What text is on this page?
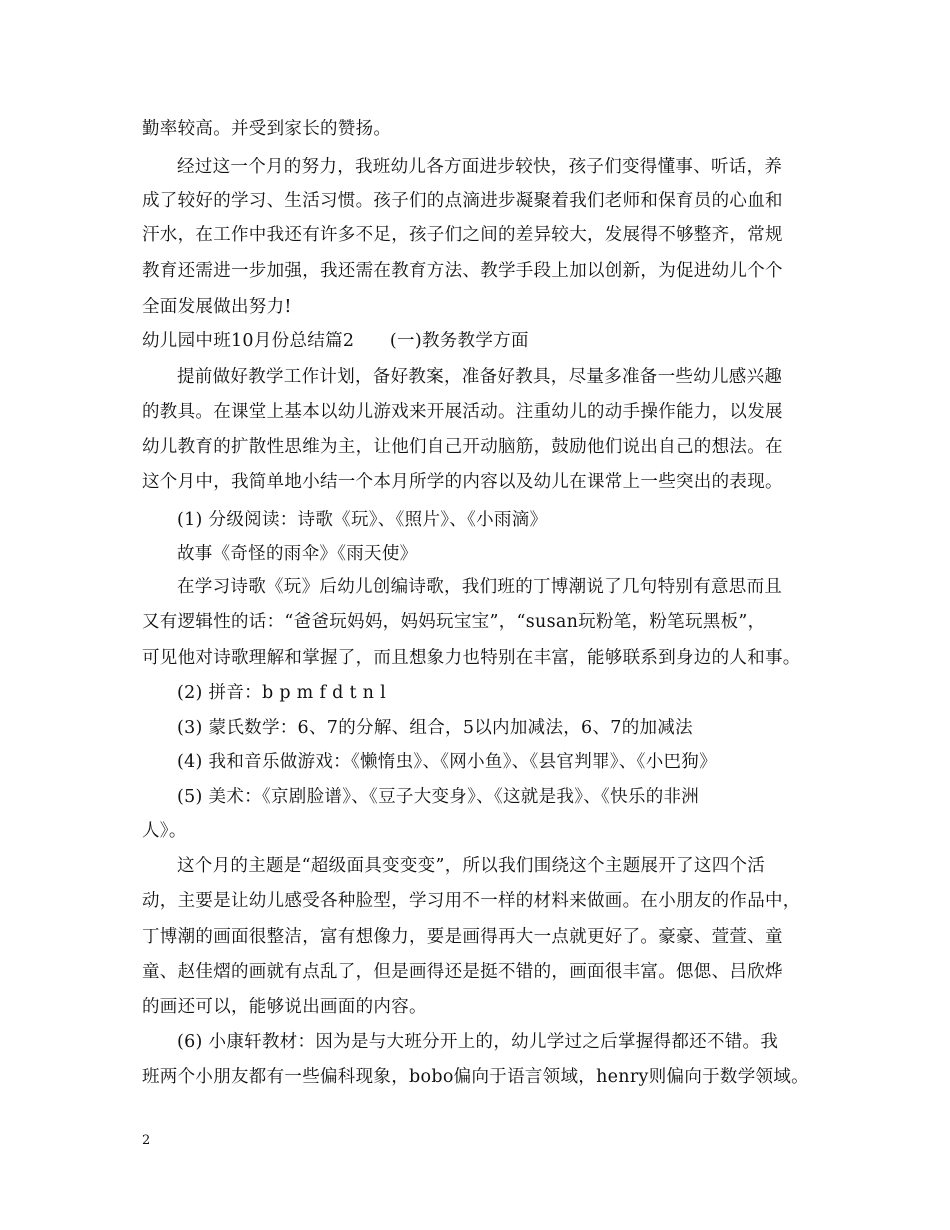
勤率较高。并受到家长的赞扬。
经过这一个月的努力，我班幼儿各方面进步较快，孩子们变得懂事、听话，养
成了较好的学习、生活习惯。孩子们的点滴进步凝聚着我们老师和保育员的心血和
汗水，在工作中我还有许多不足，孩子们之间的差异较大，发展得不够整齐，常规
教育还需进一步加强，我还需在教育方法、教学手段上加以创新，为促进幼儿个个
全面发展做出努力!
幼儿园中班10月份总结篇2　　(一)教务教学方面
提前做好教学工作计划，备好教案，准备好教具，尽量多准备一些幼儿感兴趣
的教具。在课堂上基本以幼儿游戏来开展活动。注重幼儿的动手操作能力，以发展
幼儿教育的扩散性思维为主，让他们自己开动脑筋，鼓励他们说出自己的想法。在
这个月中，我简单地小结一个本月所学的内容以及幼儿在课常上一些突出的表现。
(1) 分级阅读：诗歌《玩》、《照片》、《小雨滴》
故事《奇怪的雨伞》《雨天使》
在学习诗歌《玩》后幼儿创编诗歌，我们班的丁博潮说了几句特别有意思而且
又有逻辑性的话：“爸爸玩妈妈，妈妈玩宝宝”，“susan玩粉笔，粉笔玩黑板”，
可见他对诗歌理解和掌握了，而且想象力也特别在丰富，能够联系到身边的人和事。
(2) 拼音：b p m f d t n l
(3) 蒙氏数学：6、7的分解、组合，5以内加减法，6、7的加减法
(4) 我和音乐做游戏：《懒惰虫》、《网小鱼》、《县官判罪》、《小巴狗》
(5) 美术：《京剧脸谱》、《豆子大变身》、《这就是我》、《快乐的非洲
人》。
这个月的主题是“超级面具变变变”，所以我们围绕这个主题展开了这四个活
动，主要是让幼儿感受各种脸型，学习用不一样的材料来做画。在小朋友的作品中，
丁博潮的画面很整洁，富有想像力，要是画得再大一点就更好了。豪豪、萱萱、童
童、赵佳熠的画就有点乱了，但是画得还是挺不错的，画面很丰富。偲偲、吕欣烨
的画还可以，能够说出画面的内容。
(6) 小康轩教材：因为是与大班分开上的，幼儿学过之后掌握得都还不错。我
班两个小朋友都有一些偏科现象，bobo偏向于语言领域，henry则偏向于数学领域。
2
